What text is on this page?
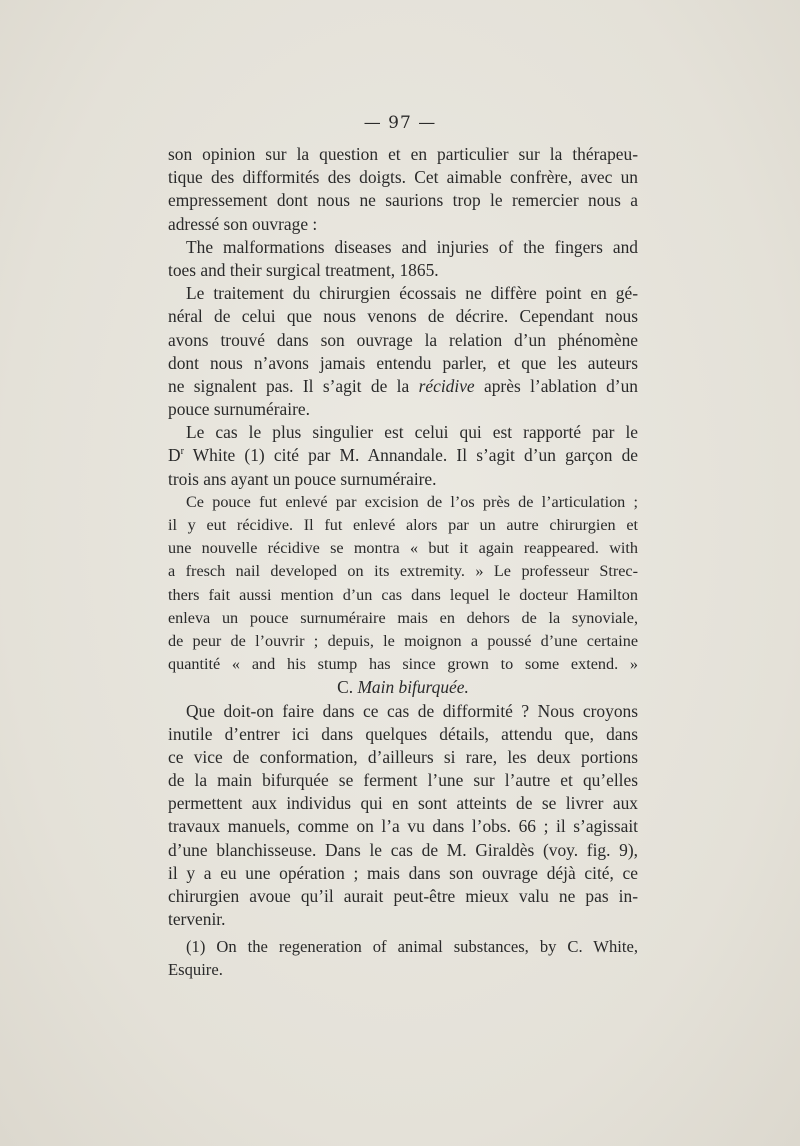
— 97 —
son opinion sur la question et en particulier sur la thérapeu-
tique des difformités des doigts. Cet aimable confrère, avec un
empressement dont nous ne saurions trop le remercier nous a
adressé son ouvrage :
The malformations diseases and injuries of the fingers and
toes and their surgical treatment, 1865.
Le traitement du chirurgien écossais ne diffère point en gé-
néral de celui que nous venons de décrire. Cependant nous
avons trouvé dans son ouvrage la relation d’un phénomène
dont nous n’avons jamais entendu parler, et que les auteurs
ne signalent pas. Il s’agit de la récidive après l’ablation d’un
pouce surnuméraire.
Le cas le plus singulier est celui qui est rapporté par le
$D^r$ White (1) cité par M. Annandale. Il s’agit d’un garçon de
trois ans ayant un pouce surnuméraire.
Ce pouce fut enlevé par excision de l’os près de l’articulation ;
il y eut récidive. Il fut enlevé alors par un autre chirurgien et
une nouvelle récidive se montra « but it again reappeared. with
a fresch nail developed on its extremity. » Le professeur Strec-
thers fait aussi mention d’un cas dans lequel le docteur Hamilton
enleva un pouce surnuméraire mais en dehors de la synoviale,
de peur de l’ouvrir ; depuis, le moignon a poussé d’une certaine
quantité « and his stump has since grown to some extend. »
C. Main bifurquée.
Que doit-on faire dans ce cas de difformité ? Nous croyons
inutile d’entrer ici dans quelques détails, attendu que, dans
ce vice de conformation, d’ailleurs si rare, les deux portions
de la main bifurquée se ferment l’une sur l’autre et qu’elles
permettent aux individus qui en sont atteints de se livrer aux
travaux manuels, comme on l’a vu dans l’obs. 66 ; il s’agissait
d’une blanchisseuse. Dans le cas de M. Giraldès (voy. fig. 9),
il y a eu une opération ; mais dans son ouvrage déjà cité, ce
chirurgien avoue qu’il aurait peut-être mieux valu ne pas in-
tervenir.
(1) On the regeneration of animal substances, by C. White,
Esquire.
